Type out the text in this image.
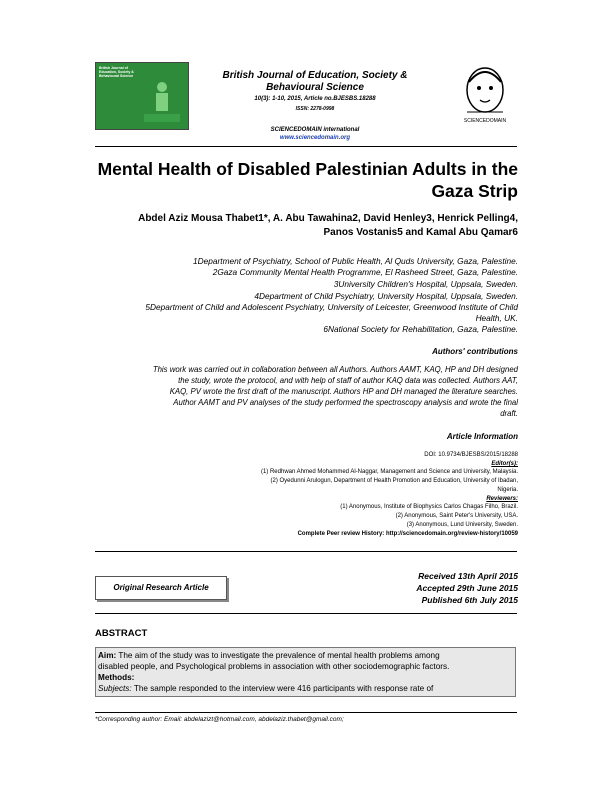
British Journal of
Education, Society &
Behavioural Science	British Journal of Education, Society &
Behavioural Science
10(3): 1-10, 2015, Article no.BJESBS.18288
ISSN: 2278-0998
SCIENCEDOMAIN international
www.sciencedomain.org
SCIENCEDOMAIN
Mental Health of Disabled Palestinian Adults in the
Gaza Strip
Abdel Aziz Mousa Thabet1*, A. Abu Tawahina2, David Henley3, Henrick Pelling4,
Panos Vostanis5 and Kamal Abu Qamar6
1Department of Psychiatry, School of Public Health, Al Quds University, Gaza, Palestine.
2Gaza Community Mental Health Programme, El Rasheed Street, Gaza, Palestine.
3University Children's Hospital, Uppsala, Sweden.
4Department of Child Psychiatry, University Hospital, Uppsala, Sweden.
5Department of Child and Adolescent Psychiatry, University of Leicester, Greenwood Institute of Child
Health, UK.
6National Society for Rehabilitation, Gaza, Palestine.
Authors' contributions
This work was carried out in collaboration between all Authors. Authors AAMT, KAQ, HP and DH designed
the study, wrote the protocol, and with help of staff of author KAQ data was collected. Authors AAT,
KAQ, PV wrote the first draft of the manuscript. Authors HP and DH managed the literature searches.
Author AAMT and PV analyses of the study performed the spectroscopy analysis and wrote the final
draft.
Article Information
DOI: 10.9734/BJESBS/2015/18288
Editor(s):
(1) Redhwan Ahmed Mohammed Al-Naggar, Management and Science and University, Malaysia.
(2) Oyedunni Arulogun, Department of Health Promotion and Education, University of Ibadan,
Nigeria.
Reviewers:
(1) Anonymous, Institute of Biophysics Carlos Chagas Filho, Brazil.
(2) Anonymous, Saint Peter's University, USA.
(3) Anonymous, Lund University, Sweden.
Complete Peer review History: http://sciencedomain.org/review-history/10059
Original Research Article
Received 13th April 2015
Accepted 29th June 2015
Published 6th July 2015
ABSTRACT
Aim: The aim of the study was to investigate the prevalence of mental health problems among
disabled people, and Psychological problems in association with other sociodemographic factors.
Methods:
Subjects: The sample responded to the interview were 416 participants with response rate of
*Corresponding author: Email: abdelazizt@hotmail.com, abdelaziz.thabet@gmail.com;
